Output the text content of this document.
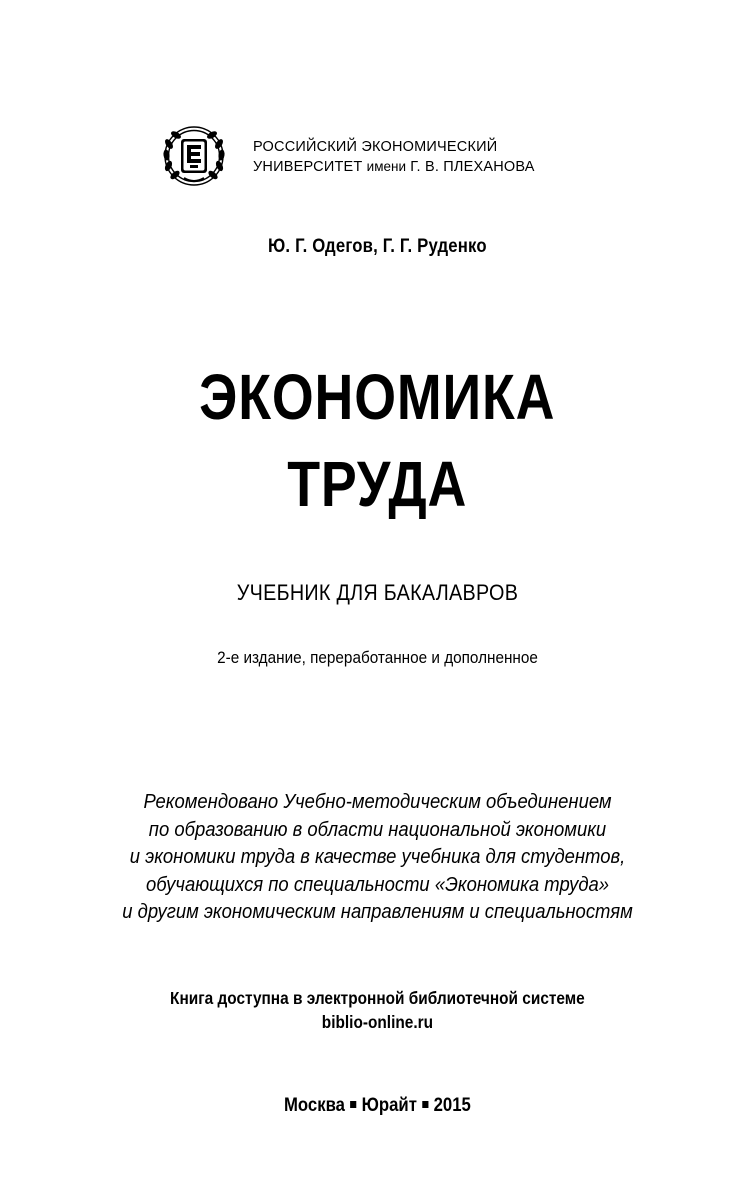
РОССИЙСКИЙ ЭКОНОМИЧЕСКИЙ
УНИВЕРСИТЕТ имени Г. В. ПЛЕХАНОВА
Ю. Г. Одегов, Г. Г. Руденко
ЭКОНОМИКА
ТРУДА
УЧЕБНИК ДЛЯ БАКАЛАВРОВ
2-е издание, переработанное и дополненное
Рекомендовано Учебно-методическим объединением
по образованию в области национальной экономики
и экономики труда в качестве учебника для студентов,
обучающихся по специальности «Экономика труда»
и другим экономическим направлениям и специальностям
Книга доступна в электронной библиотечной системе
biblio-online.ru
Москва Юрайт 2015
